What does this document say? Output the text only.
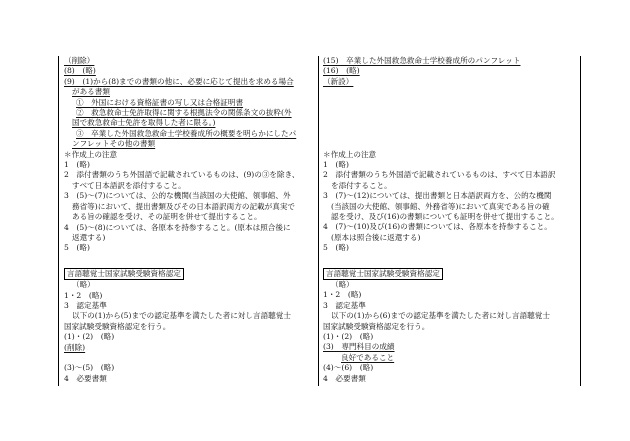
（削除）
(8)　(略)
(9)　(1)から(8)までの書類の他に、必要に応じて提出を求める場合
がある書類
①　外国における資格証書の写し又は合格証明書
②　救急救命士免許取得に関する根拠法令の関係条文の抜粋(外
国で救急救命士免許を取得した者に限る。)
③　卒業した外国救急救命士学校養成所の概要を明らかにしたパ
ンフレットその他の書類
＊作成上の注意
1　(略)
2　添付書類のうち外国語で記載されているものは、(9)の③を除き、
すべて日本語訳を添付すること。
3　(5)～(7)については、公的な機関(当該国の大使館、領事館、外
務省等)において、提出書類及びその日本語訳両方の記載が真実で
ある旨の確認を受け、その証明を併せて提出すること。
4　(5)～(8)については、各原本を持参すること。(原本は照合後に
返還する)
5　(略)
言語聴覚士国家試験受験資格認定
（略）
1・2　(略)
3　認定基準
以下の(1)から(5)までの認定基準を満たした者に対し言語聴覚士
国家試験受験資格認定を行う。
(1)・(2)　(略)
(削除)
(3)～(5)　(略)
4　必要書類
(15)　卒業した外国救急救命士学校養成所のパンフレット
(16)　(略)
（新設）
＊作成上の注意
1　(略)
2　添付書類のうち外国語で記載されているものは、すべて日本語訳
を添付すること。
3　(7)～(12)については、提出書類と日本語訳両方を、公的な機関
(当該国の大使館、領事館、外務省等)において真実である旨の確
認を受け、及び(16)の書類についても証明を併せて提出すること。
4　(7)～(10)及び(16)の書類については、各原本を持参すること。
(原本は照合後に返還する)
5　(略)
言語聴覚士国家試験受験資格認定
（略）
1・2　(略)
3　認定基準
以下の(1)から(6)までの認定基準を満たした者に対し言語聴覚士
国家試験受験資格認定を行う。
(1)・(2)　(略)
(3)　専門科目の成績
良好であること
(4)～(6)　(略)
4　必要書類
